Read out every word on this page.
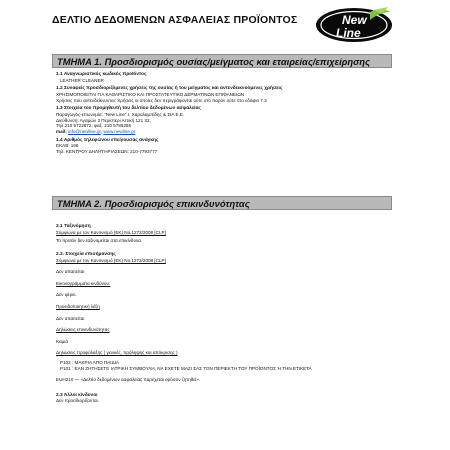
ΔΕΛΤΙΟ ΔΕΔΟΜΕΝΩΝ ΑΣΦΑΛΕΙΑΣ ΠΡΟΪΟΝΤΟΣ	New
Line
ΤΜΗΜΑ 1. Προσδιορισμός ουσίας/μείγματος και εταιρείας/επιχείρησης

1.1 Αναγνωριστικός κωδικός προϊόντος

LEATHER CLEANER

1.2 Συναφείς προσδιοριζόμενες χρήσεις της ουσίας ή του μείγματος και αντενδεικνυόμενες χρήσεις

ΧΡΗΣΙΜΟΠΟΙΕΙΤΑΙ ΓΙΑ ΚΑΘΑΡΙΣΤΙΚΟ ΚΑΙ ΠΡΟΣΤΑΤΕΥΤΙΚΟ ΔΕΡΜΑΤΙΝΩΝ ΕΠΙΦΑΝΕΙΩΝ

Χρήσεις που αντενδείκνυνται: Χρήσεις οι οποίες δεν περιγράφονται ούτε στο παρόν ούτε στο εδάφιο 7.3

1.3 Στοιχεία του προμηθευτή του δελτίου δεδομένων ασφαλείας

Παραγωγός-επωνυμία: "New Line" Ι. Χαραλαμπίδης & ΣΙΑ Ε.Ε.

Διεύθυνση: Αγαμών 3 Περιστέρι Αττική 121 32,

Τηλ.210 5722872, φαξ. 210 5786285

mail: info@newline.gr, www.newline.gr

1.4 Αριθμός τηλεφώνου επείγουσας ανάγκης

ΕΚΑΒ: 166

Τηλ. ΚΕΝΤΡΟΥ ΔΗΛΗΤΗΡΙΑΣΕΩΝ: 210-7793777

ΤΜΗΜΑ 2. Προσδιορισμός επικινδυνότητας

2.1 Ταξινόμηση

Σύμφωνα με τον Κανονισμό (ΕΚ) Νο.1272/2008 [CLP]

Το προϊόν δεν ταξινομείται στα επικίνδυνα

2.2. Στοιχεία επισήμανσης

Σύμφωνα με τον Κανονισμό (ΕΚ) Νο.1272/2008 [CLP]

Δεν απαιτείται

Εικονογράμματα κινδύνου:

Δεν φέρει.

Προειδοποιητική λέξη

Δεν απαιτείται

Δηλώσεις επικινδυνότητας

Καμιά

Δηλώσεις προφύλαξης ( γενικές, πρόληψης και απόκρισης )

P102 : ΜΑΚΡΙΑ ΑΠΟ ΠΑΙΔΙΑ

P101 : ΕΑΝ ΖΗΤΗΣΕΤΕ ΙΑΤΡΙΚΗ ΣΥΜΒΟΥΛΗ, ΝΑ ΕΧΕΤΕ ΜΑΖΙ ΣΑΣ ΤΟΝ ΠΕΡΙΕΚΤΗ ΤΟΥ ΠΡΟΪΟΝΤΟΣ Ή ΤΗΝ ΕΤΙΚΕΤΑ

EUH210 — «Δελτίο δεδομένων ασφαλείας παρέχεται εφόσον ζητηθεί».

2.3 Άλλοι κίνδυνοι

Δεν προσδιορίζονται.
